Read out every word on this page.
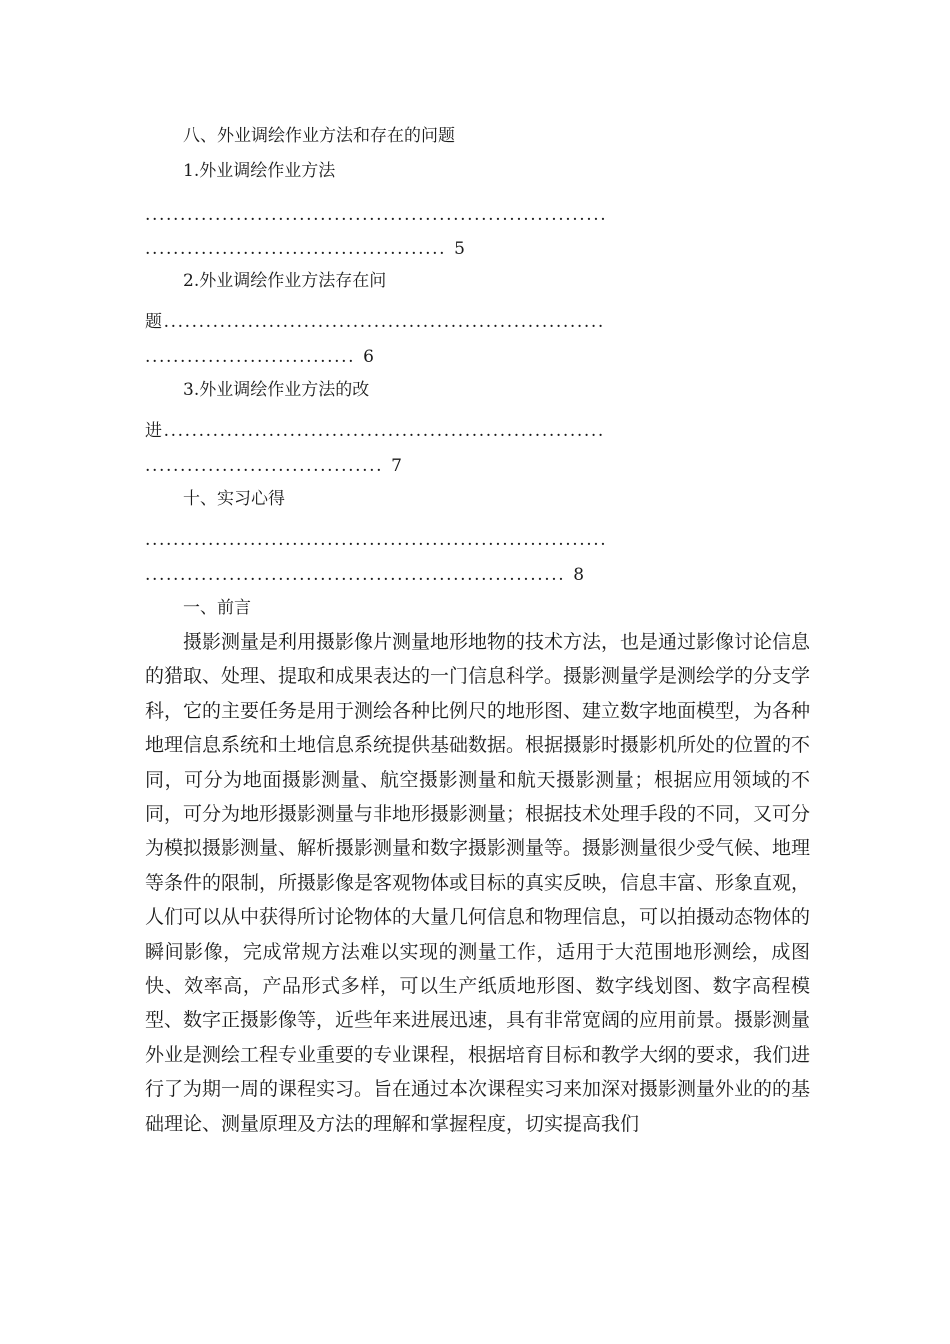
八、外业调绘作业方法和存在的问题
1.外业调绘作业方法
..................................................................
........................................... 5
2.外业调绘作业方法存在问
题...............................................................
.............................. 6
3.外业调绘作业方法的改
进...............................................................
.................................. 7
十、实习心得
..................................................................
............................................................ 8
一、前言

摄影测量是利用摄影像片测量地形地物的技术方法，也是通过影像讨论信息的猎取、处理、提取和成果表达的一门信息科学。摄影测量学是测绘学的分支学科，它的主要任务是用于测绘各种比例尺的地形图、建立数字地面模型，为各种地理信息系统和土地信息系统提供基础数据。根据摄影时摄影机所处的位置的不同，可分为地面摄影测量、航空摄影测量和航天摄影测量；根据应用领域的不同，可分为地形摄影测量与非地形摄影测量；根据技术处理手段的不同，又可分为模拟摄影测量、解析摄影测量和数字摄影测量等。摄影测量很少受气候、地理等条件的限制，所摄影像是客观物体或目标的真实反映，信息丰富、形象直观，人们可以从中获得所讨论物体的大量几何信息和物理信息，可以拍摄动态物体的瞬间影像，完成常规方法难以实现的测量工作，适用于大范围地形测绘，成图快、效率高，产品形式多样，可以生产纸质地形图、数字线划图、数字高程模型、数字正摄影像等，近些年来进展迅速，具有非常宽阔的应用前景。摄影测量外业是测绘工程专业重要的专业课程，根据培育目标和教学大纲的要求，我们进行了为期一周的课程实习。旨在通过本次课程实习来加深对摄影测量外业的的基础理论、测量原理及方法的理解和掌握程度，切实提高我们
